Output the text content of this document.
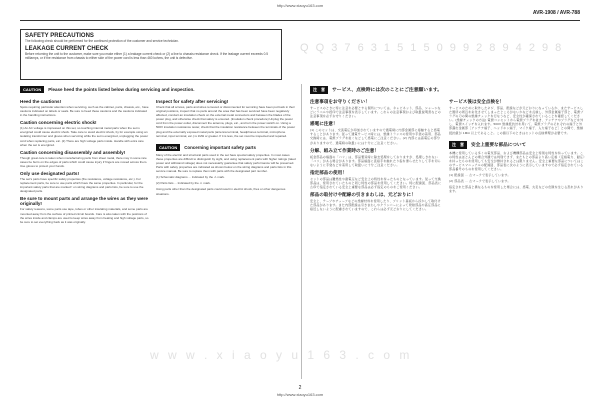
http://www.xiaoyu163.com
AVR-1908 / AVR-788
SAFETY PRECAUTIONS
The following check should be performed for the continued protection of the customer and service technician.
LEAKAGE CURRENT CHECK
Before returning the unit to the customer, make sure you make either (1) a leakage current check or (2) a line to chassis resistance check. If the leakage current exceeds 0.5 milliamps, or if the resistance from chassis to either side of the power cord is less than 460 kohms, the unit is defective.
Q Q 3 7 6 3 1 5 1 5 0 9 9 2 8 9 4 2 9 8
CAUTION Please heed the points listed below during servicing and inspection.
Heed the cautions!
Spots requiring particular attention when servicing, such as the cabinet, parts, chassis, etc., have cautions indicated on labels or seals. Be sure to heed these cautions and the cautions indicated in the handling instructions.
Caution concerning electric shock!
(1) An AC voltage is impressed on this set, so touching internal metal parts when the set is energized could cause electric shock. Take care to avoid electric shock, by for example using an isolating transformer and gloves when servicing while the set is energized, unplugging the power cord when replacing parts, etc. (2) There are high voltage parts inside. Handle with extra care when the set is energized.
Caution concerning disassembly and assembly!
Though great care is taken when manufacturing parts from sheet metal, there may in some rare cases be burrs on the edges of parts which could cause injury if fingers are moved across them. Use gloves to protect your hands.
Only use designated parts!
The set's parts have specific safety properties (fire resistance, voltage resistance, etc.). For replacement parts, be sure to use parts which have the same properties. In particular, for the important safety parts that are marked ! on wiring diagrams and parts lists, be sure to use the designated parts.
Be sure to mount parts and arrange the wires as they were originally!
For safety reasons, some parts use tape, tubes or other insulating materials, and some parts are mounted away from the surface of printed circuit boards. Care is also taken with the positions of the wires inside and clamps are used to keep wires away from heating and high voltage parts, so be sure to set everything back as it was originally.
Inspect for safety after servicing!
Check that all screws, parts and wires removed or disconnected for servicing have been put back in their original positions, inspect that no parts around the area that has been serviced have been negatively affected, conduct an insulation check on the external metal connectors and between the blades of the power plug, and otherwise check that safety is ensured. (Insulation check procedure) Unplug the power cord from the power outlet, disconnect the antenna, plugs, etc., and turn the power switch on. Using a 500V insulation resistance tester, check that the insulation resistance between the terminals of the power plug and the externally exposed metal parts (antenna terminal, headphones terminal, microphone terminal, input terminal, etc.) is 1MΩ or greater. If it is less, the set must be inspected and repaired.
CAUTION Concerning important safety parts
Many of the electric and structural parts used in the set have special safety properties. In most cases these properties are difficult to distinguish by sight, and using replacement parts with higher ratings (rated power and withstand voltage) does not necessarily guarantee that safety performance will be preserved. Parts with safety properties are indicated as shown below on the wiring diagrams and parts lists in this service manual. Be sure to replace them with parts with the designated part number.
(1) Schematic diagrams ... Indicated by the ⚠ mark.
(2) Parts lists ... Indicated by the ⚠ mark.
Using parts other than the designated parts could result in electric shock, fires or other dangerous situations.
注　意 サービス、点検時には次のことにご注意願います。
注意事項をお守りください！
サービスのときに特に注意を必要とする個所については、キャビネット、部品、シャーシなどにラベルや捺印で注意事項を表示しています。これらの注意事項および取扱説明書などの注意事項を必ずお守りください。
感電に注意！
(1) このセットは、交流電圧が印加されていますので通電時に内部金属部に接触すると感電することがあります。従って通電サービス時には、絶縁トランスの使用や手袋の着用、部品交換時には、電源プラグを抜くなどして感電にご注意ください。(2) 内部には高電圧の部分がありますので、通電時の取扱いには十分にご注意ください。
分解、組み立て作業時のご注意！
板金部品の端面の「バリ」は、部品製造時に除去処理をしておりますが、処理しきれない「バリ」がある場合があります。部品端面に直接手を触れたり指を滑らせたりして手を切らないように手袋などを着用して取扱いに十分ご注意ください。
指定部品の使用！
セットの部品は難燃性や耐電圧など安全上の特性を持ったものとなっています。従って交換部品は、使用されていたものと同じ特性の部品を使用してください。特に配線図、部品表に⚠印で指定されている安全上重要な部品は必ず指定のものをご使用ください。
部品の取付けや配線の引きまわしは、元どおりに！
安全上、テープやチューブなどの絶縁材料を使用したり、プリント基板から浮かして取付けた部品があります。また内部配線は引きまわしやクランパーによって発熱部品や高圧部品に接近しないように配慮されていますので、これらは必ず元どおりにしてください。
サービス後は安全点検を！
サービスのために取外したネジ、部品、配線などが元どおりになっているか、またサービスした箇所の周辺を劣化させてしまったところがないかなどを点検し、外部金属端子部と、電源プラグの刃の間の絶縁チェックを行なうなど、安全性が確保されていることを確認してください。(絶縁チェックの方法) 電源コンセントから電源プラグを抜き、アンテナやプラグなどを外し、電源スイッチを入れます。500V 絶縁抵抗計を用いて、電源プラグのそれぞれの端子と外部露出金属部［アンテナ端子、ヘッドホン端子、マイク端子、入力端子など］との間で、絶縁抵抗値が 1MΩ 以上であること。この値以下のときはセットの点検修理が必要です。
注　意 安全上重要な部品について
本機に使用している多くの電気部品、および機構部品は安全上特別な特性を持っています。この特性はほとんどの場合外観では判別できず、またもとの部品より高い定格（定格電力、耐圧）を持ったものを使用しても安全が維持されるとは限りません。安全上重要な部品についてはこのサービスマニュアルの配線図、部品表に次のように表示していますので必ず指定されている部品番号のものを使用してください。
(1) 配線図 … ⚠マークで表示しています。
(2) 部品表 … ⚠マークで表示しています。
指定された部品と異なるものを使用した場合には、感電、火災などの危険を生じる恐れがあります。
w w w . x i a o y u 1 6 3 . c o m
2
http://www.xiaoyu163.com
